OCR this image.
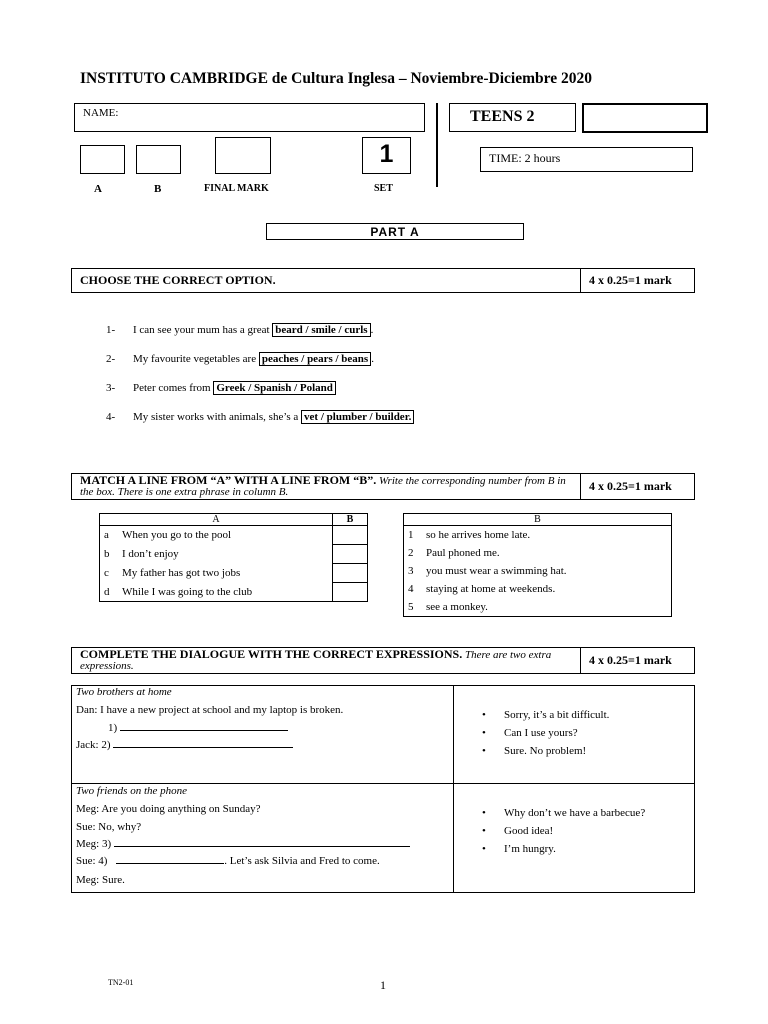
INSTITUTO CAMBRIDGE de Cultura Inglesa – Noviembre-Diciembre 2020
NAME:	TEENS 2
1	TIME: 2 hours
A	B	FINAL MARK	SET
PART A
CHOOSE THE CORRECT OPTION.	4 x 0.25=1 mark
1- I can see your mum has a great beard / smile / curls .
2- My favourite vegetables are peaches / pears / beans .
3- Peter comes from Greek / Spanish / Poland
4- My sister works with animals, she’s a vet / plumber / builder.
MATCH A LINE FROM “A” WITH A LINE FROM “B”. Write the corresponding number from B in the box. There is one extra phrase in column B.	4 x 0.25=1 mark
A	B
a When you go to the pool	
b I don’t enjoy	
c My father has got two jobs	
d While I was going to the club	
B
1 so he arrives home late.
2 Paul phoned me.
3 you must wear a swimming hat.
4 staying at home at weekends.
5 see a monkey.
COMPLETE THE DIALOGUE WITH THE CORRECT EXPRESSIONS. There are two extra expressions.	4 x 0.25=1 mark
Two brothers at home
Dan: I have a new project at school and my laptop is broken.
1)
Jack: 2)
• Sorry, it’s a bit difficult.
• Can I use yours?
• Sure. No problem!
Two friends on the phone
Meg: Are you doing anything on Sunday?
Sue: No, why?
Meg: 3)
Sue: 4)	. Let’s ask Silvia and Fred to come.
Meg: Sure.
• Why don’t we have a barbecue?
• Good idea!
• I’m hungry.
TN2-01	1
